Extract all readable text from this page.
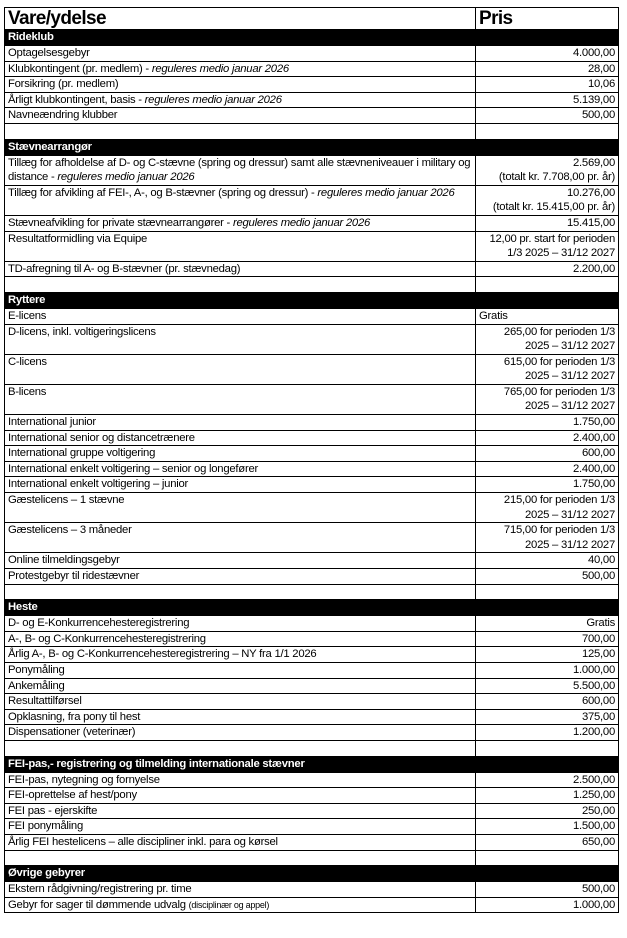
Vare/ydelse	Pris
Rideklub	
Optagelsesgebyr	4.000,00
Klubkontingent (pr. medlem) - reguleres medio januar 2026	28,00
Forsikring (pr. medlem)	10,06
Årligt klubkontingent, basis - reguleres medio januar 2026	5.139,00
Navneændring klubber	500,00

Stævnearrangør	
Tillæg for afholdelse af D- og C-stævne (spring og dressur) samt alle stævneniveauer i military og distance - reguleres medio januar 2026	2.569,00
(totalt kr. 7.708,00 pr. år)

Tillæg for afvikling af FEI-, A-, og B-stævner (spring og dressur) - reguleres medio januar 2026	10.276,00
(totalt kr. 15.415,00 pr. år)

Stævneafvikling for private stævnearrangører - reguleres medio januar 2026	15.415,00
Resultatformidling via Equipe	12,00 pr. start for perioden
1/3 2025 – 31/12 2027

TD-afregning til A- og B-stævner (pr. stævnedag)	2.200,00

Ryttere	
E-licens	Gratis
D-licens, inkl. voltigeringslicens	265,00 for perioden 1/3
2025 – 31/12 2027

C-licens	615,00 for perioden 1/3
2025 – 31/12 2027

B-licens	765,00 for perioden 1/3
2025 – 31/12 2027

International junior	1.750,00
International senior og distancetrænere	2.400,00
International gruppe voltigering	600,00
International enkelt voltigering – senior og longefører	2.400,00
International enkelt voltigering – junior	1.750,00
Gæstelicens – 1 stævne	215,00 for perioden 1/3
2025 – 31/12 2027

Gæstelicens – 3 måneder	715,00 for perioden 1/3
2025 – 31/12 2027

Online tilmeldingsgebyr	40,00
Protestgebyr til ridestævner	500,00

Heste	
D- og E-Konkurrencehesteregistrering	Gratis
A-, B- og C-Konkurrencehesteregistrering	700,00
Årlig A-, B- og C-Konkurrencehesteregistrering – NY fra 1/1 2026	125,00
Ponymåling	1.000,00
Ankemåling	5.500,00
Resultattilførsel	600,00
Opklasning, fra pony til hest	375,00
Dispensationer (veterinær)	1.200,00

FEI-pas,- registrering og tilmelding internationale stævner	
FEI-pas, nytegning og fornyelse	2.500,00
FEI-oprettelse af hest/pony	1.250,00
FEI pas - ejerskifte	250,00
FEI ponymåling	1.500,00
Årlig FEI hestelicens – alle discipliner inkl. para og kørsel	650,00

Øvrige gebyrer	
Ekstern rådgivning/registrering pr. time	500,00
Gebyr for sager til dømmende udvalg (disciplinær og appel)	1.000,00
